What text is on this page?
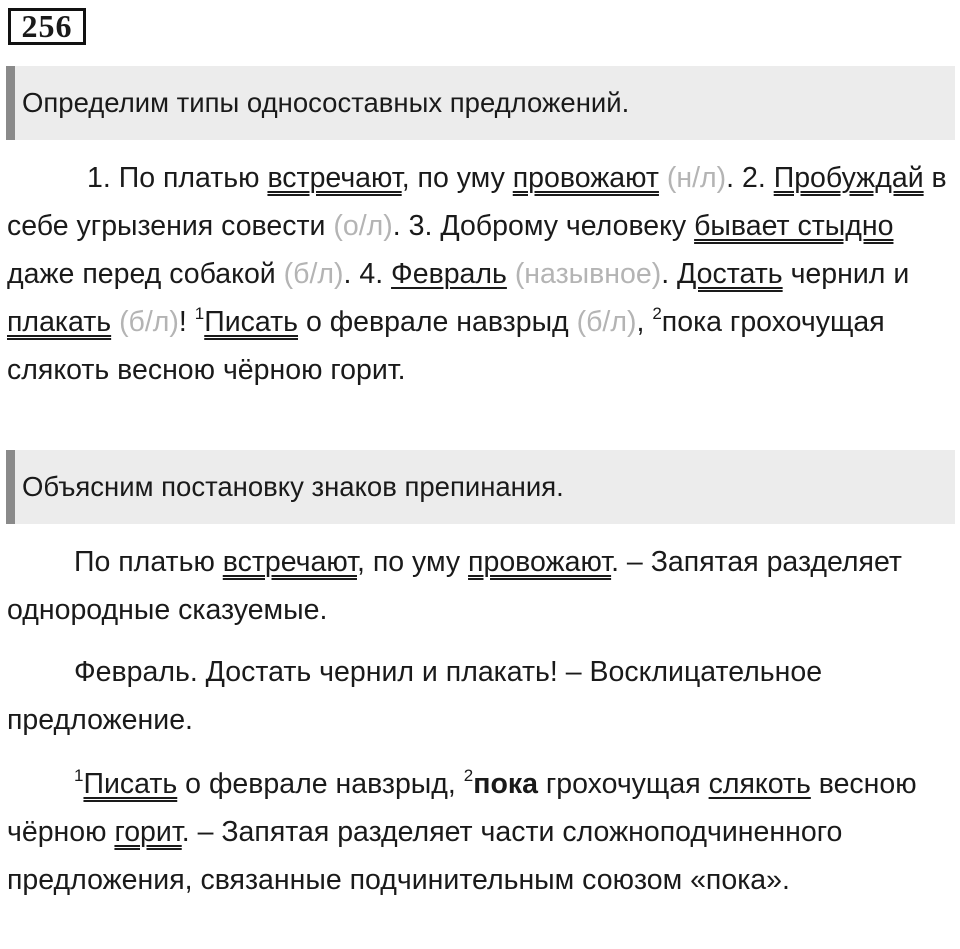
256
Определим типы односоставных предложений.

1. По платью встречают, по уму провожают (н/л). 2. Пробуждай в себе угрызения совести (о/л). 3. Доброму человеку бывает стыдно даже перед собакой (б/л). 4. Февраль (назывное). Достать чернил и плакать (б/л)! $^1$Писать о феврале навзрыд (б/л), $^2$пока грохочущая слякоть весною чёрною горит.

Объясним постановку знаков препинания.

По платью встречают, по уму провожают. – Запятая разделяет однородные сказуемые.

Февраль. Достать чернил и плакать! – Восклицательное предложение.

$^1$Писать о феврале навзрыд, $^2$пока грохочущая слякоть весною чёрною горит. – Запятая разделяет части сложноподчиненного предложения, связанные подчинительным союзом «пока».
